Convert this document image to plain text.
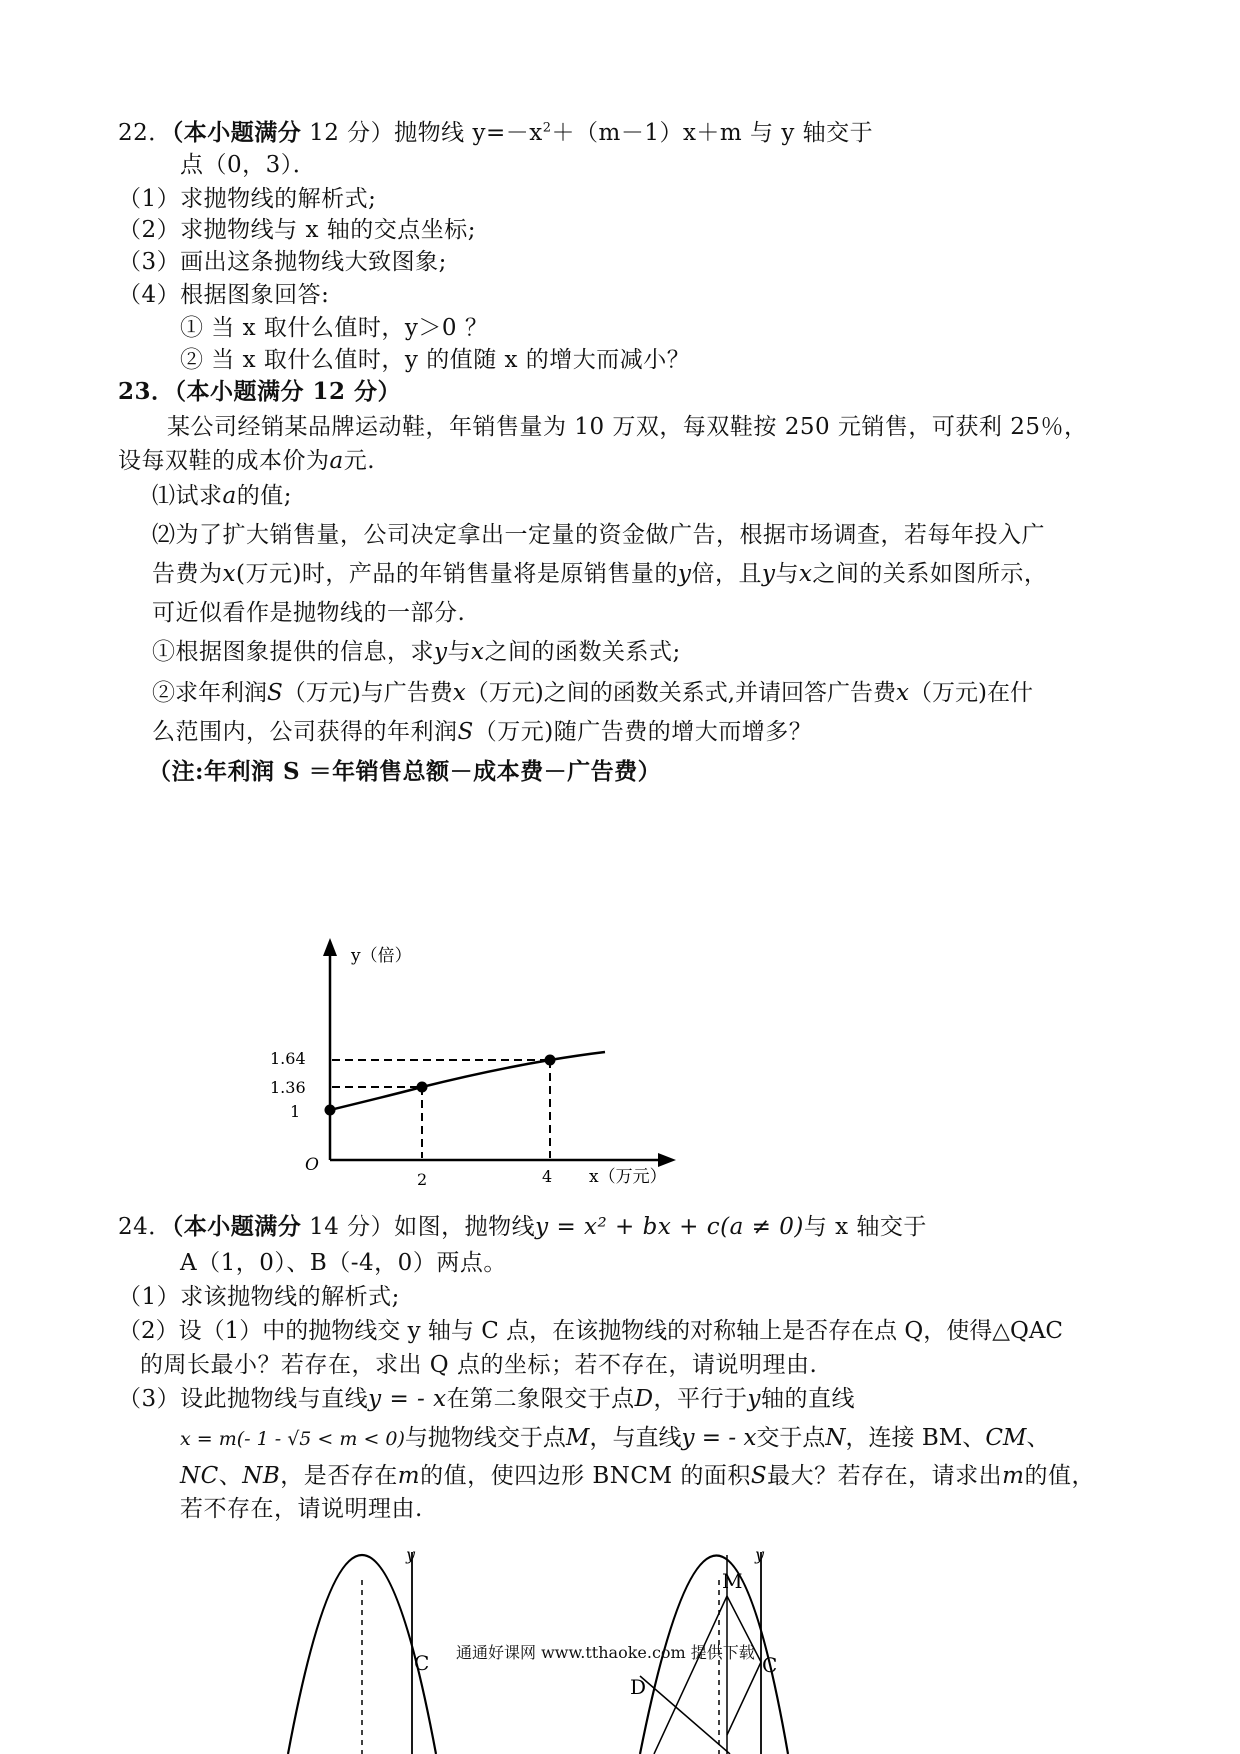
22．（本小题满分 12 分）抛物线 $y=-x^2+(m-1)x+m$ 与 y 轴交于
点（0，3）．
（1）求抛物线的解析式;
（2）求抛物线与 x 轴的交点坐标;
（3）画出这条抛物线大致图象;
（4）根据图象回答:
① 当 x 取什么值时，y＞0 ？
② 当 x 取什么值时，y 的值随 x 的增大而减小？
23．（本小题满分 12 分）
某公司经销某品牌运动鞋，年销售量为 10 万双，每双鞋按 250 元销售，可获利 25％，
设每双鞋的成本价为a元.
⑴试求a的值;
⑵为了扩大销售量，公司决定拿出一定量的资金做广告，根据市场调查，若每年投入广
告费为x(万元)时，产品的年销售量将是原销售量的y倍，且y与x之间的关系如图所示，
可近似看作是抛物线的一部分.
①根据图象提供的信息，求y与x之间的函数关系式;
②求年利润S（万元)与广告费x（万元)之间的函数关系式,并请回答广告费x（万元)在什
么范围内，公司获得的年利润S（万元)随广告费的增大而增多？
（注:年利润 S ＝年销售总额－成本费－广告费）
y（倍）
1.64
1.36
1
O
2	4 x（万元）
24．（本小题满分 14 分）如图，抛物线y = x² + bx + c(a ≠ 0)与 x 轴交于
A（1，0）、B（-4，0）两点。
（1）求该抛物线的解析式;
（2）设（1）中的抛物线交 y 轴与 C 点，在该抛物线的对称轴上是否存在点 Q，使得△QAC
的周长最小？若存在，求出 Q 点的坐标；若不存在，请说明理由.
（3）设此抛物线与直线y = - x在第二象限交于点D，平行于y轴的直线
x = m(- 1 - √5 < m < 0)与抛物线交于点M，与直线y = - x交于点N，连接 BM、CM、
NC、NB，是否存在m的值，使四边形 BNCM 的面积S最大？若存在，请求出m的值，
若不存在，请说明理由.
y
C
y
M
C
D
通通好课网 www.tthaoke.com 提供下载
